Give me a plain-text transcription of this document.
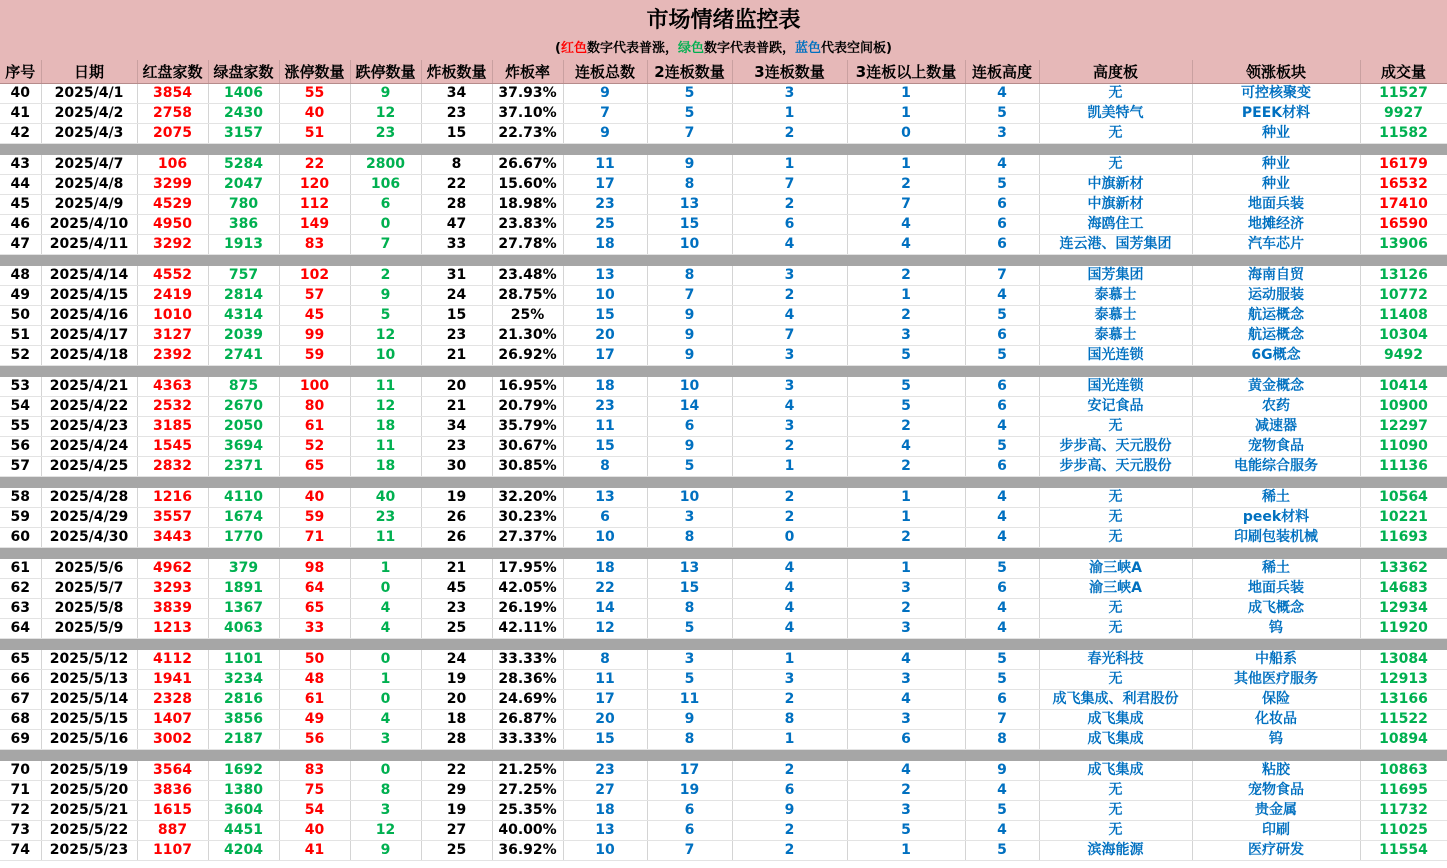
市场情绪监控表
(红色数字代表普涨，绿色数字代表普跌，蓝色代表空间板)
序号	日期	红盘家数	绿盘家数	涨停数量	跌停数量	炸板数量	炸板率	连板总数	2连板数量	3连板数量	3连板以上数量	连板高度	高度板	领涨板块	成交量
40	2025/4/1	3854	1406	55	9	34	37.93%	9	5	3	1	4	无	可控核聚变	11527
41	2025/4/2	2758	2430	40	12	23	37.10%	7	5	1	1	5	凯美特气	PEEK材料	9927
42	2025/4/3	2075	3157	51	23	15	22.73%	9	7	2	0	3	无	种业	11582

43	2025/4/7	106	5284	22	2800	8	26.67%	11	9	1	1	4	无	种业	16179
44	2025/4/8	3299	2047	120	106	22	15.60%	17	8	7	2	5	中旗新材	种业	16532
45	2025/4/9	4529	780	112	6	28	18.98%	23	13	2	7	6	中旗新材	地面兵装	17410
46	2025/4/10	4950	386	149	0	47	23.83%	25	15	6	4	6	海鸥住工	地摊经济	16590
47	2025/4/11	3292	1913	83	7	33	27.78%	18	10	4	4	6	连云港、国芳集团	汽车芯片	13906

48	2025/4/14	4552	757	102	2	31	23.48%	13	8	3	2	7	国芳集团	海南自贸	13126
49	2025/4/15	2419	2814	57	9	24	28.75%	10	7	2	1	4	泰慕士	运动服装	10772
50	2025/4/16	1010	4314	45	5	15	25%	15	9	4	2	5	泰慕士	航运概念	11408
51	2025/4/17	3127	2039	99	12	23	21.30%	20	9	7	3	6	泰慕士	航运概念	10304
52	2025/4/18	2392	2741	59	10	21	26.92%	17	9	3	5	5	国光连锁	6G概念	9492

53	2025/4/21	4363	875	100	11	20	16.95%	18	10	3	5	6	国光连锁	黄金概念	10414
54	2025/4/22	2532	2670	80	12	21	20.79%	23	14	4	5	6	安记食品	农药	10900
55	2025/4/23	3185	2050	61	18	34	35.79%	11	6	3	2	4	无	减速器	12297
56	2025/4/24	1545	3694	52	11	23	30.67%	15	9	2	4	5	步步高、天元股份	宠物食品	11090
57	2025/4/25	2832	2371	65	18	30	30.85%	8	5	1	2	6	步步高、天元股份	电能综合服务	11136

58	2025/4/28	1216	4110	40	40	19	32.20%	13	10	2	1	4	无	稀土	10564
59	2025/4/29	3557	1674	59	23	26	30.23%	6	3	2	1	4	无	peek材料	10221
60	2025/4/30	3443	1770	71	11	26	27.37%	10	8	0	2	4	无	印刷包装机械	11693

61	2025/5/6	4962	379	98	1	21	17.95%	18	13	4	1	5	渝三峡A	稀土	13362
62	2025/5/7	3293	1891	64	0	45	42.05%	22	15	4	3	6	渝三峡A	地面兵装	14683
63	2025/5/8	3839	1367	65	4	23	26.19%	14	8	4	2	4	无	成飞概念	12934
64	2025/5/9	1213	4063	33	4	25	42.11%	12	5	4	3	4	无	钨	11920

65	2025/5/12	4112	1101	50	0	24	33.33%	8	3	1	4	5	春光科技	中船系	13084
66	2025/5/13	1941	3234	48	1	19	28.36%	11	5	3	3	5	无	其他医疗服务	12913
67	2025/5/14	2328	2816	61	0	20	24.69%	17	11	2	4	6	成飞集成、利君股份	保险	13166
68	2025/5/15	1407	3856	49	4	18	26.87%	20	9	8	3	7	成飞集成	化妆品	11522
69	2025/5/16	3002	2187	56	3	28	33.33%	15	8	1	6	8	成飞集成	钨	10894

70	2025/5/19	3564	1692	83	0	22	21.25%	23	17	2	4	9	成飞集成	粘胶	10863
71	2025/5/20	3836	1380	75	8	29	27.25%	27	19	6	2	4	无	宠物食品	11695
72	2025/5/21	1615	3604	54	3	19	25.35%	18	6	9	3	5	无	贵金属	11732
73	2025/5/22	887	4451	40	12	27	40.00%	13	6	2	5	4	无	印刷	11025
74	2025/5/23	1107	4204	41	9	25	36.92%	10	7	2	1	5	滨海能源	医疗研发	11554
